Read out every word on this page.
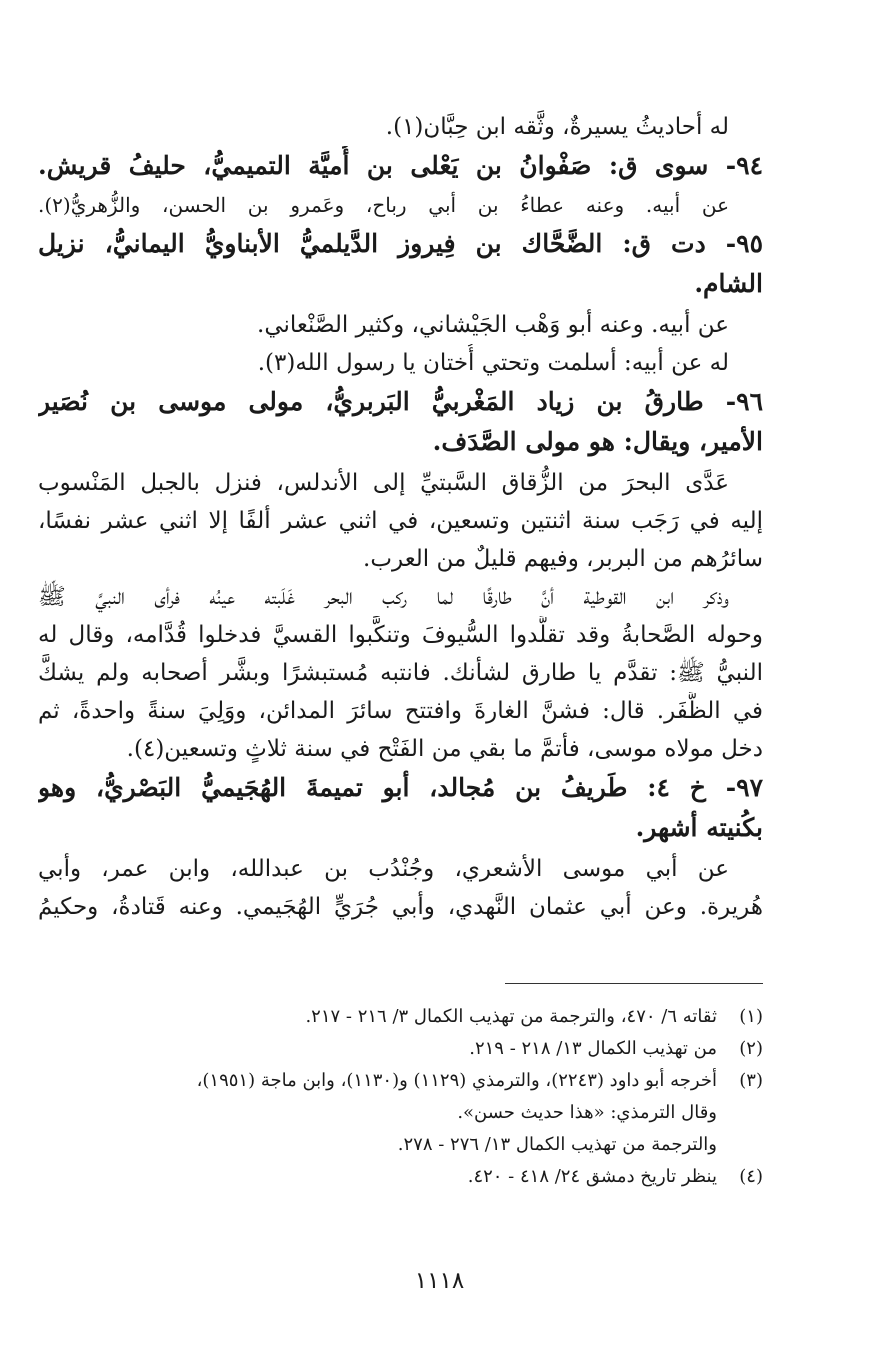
له أحاديثُ يسيرةٌ، وثَّقه ابن حِبَّان(١).
٩٤- سوى ق: صَفْوانُ بن يَعْلى بن أُميَّة التميميُّ، حليفُ قريش.
عن أبيه. وعنه عطاءُ بن أبي رباح، وعَمرو بن الحسن، والزُّهريُّ(٢).
٩٥- دت ق: الضَّحَّاك بن فِيروز الدَّيلميُّ الأبناويُّ اليمانيُّ، نزيل
الشام.
عن أبيه. وعنه أبو وَهْب الجَيْشاني، وكثير الصَّنْعاني.
له عن أبيه: أسلمت وتحتي أُختان يا رسول الله(٣).
٩٦- طارقُ بن زياد المَغْربيُّ البَربريُّ، مولى موسى بن نُصَير
الأمير، ويقال: هو مولى الصَّدَف.
عَدَّى البحرَ من الزُّقاق السَّبتيِّ إلى الأندلس، فنزل بالجبل المَنْسوب
إليه في رَجَب سنة اثنتين وتسعين، في اثني عشر ألفًا إلا اثني عشر نفسًا،
سائرُهم من البربر، وفيهم قليلٌ من العرب.
وذكر ابن القوطية أنَّ طارقًا لما ركب البحر غَلَبته عينُه فرأى النبيَّ ﷺ
وحوله الصَّحابةُ وقد تقلَّدوا السُّيوفَ وتنكَّبوا القسيَّ فدخلوا قُدَّامه، وقال له
النبيُّ ﷺ: تقدَّم يا طارق لشأنك. فانتبه مُستبشرًا وبشَّر أصحابه ولم يشكَّ
في الظَّفَر. قال: فشنَّ الغارةَ وافتتح سائرَ المدائن، ووَلِيَ سنةً واحدةً، ثم
دخل مولاه موسى، فأتمَّ ما بقي من الفَتْح في سنة ثلاثٍ وتسعين(٤).
٩٧- خ ٤: طَريفُ بن مُجالد، أبو تميمةَ الهُجَيميُّ البَصْريُّ، وهو
بكُنيته أشهر.
عن أبي موسى الأشعري، وجُنْدُب بن عبدالله، وابن عمر، وأبي
هُريرة. وعن أبي عثمان النَّهدي، وأبي جُرَيٍّ الهُجَيمي. وعنه قَتادةُ، وحكيمُ
(١)ثقاته ٦/ ٤٧٠، والترجمة من تهذيب الكمال ٣/ ٢١٦ - ٢١٧.
(٢)من تهذيب الكمال ١٣/ ٢١٨ - ٢١٩.
(٣)أخرجه أبو داود (٢٢٤٣)، والترمذي (١١٢٩) و(١١٣٠)، وابن ماجة (١٩٥١)،
وقال الترمذي: «هذا حديث حسن».
والترجمة من تهذيب الكمال ١٣/ ٢٧٦ - ٢٧٨.
(٤)ينظر تاريخ دمشق ٢٤/ ٤١٨ - ٤٢٠.
١١١٨
